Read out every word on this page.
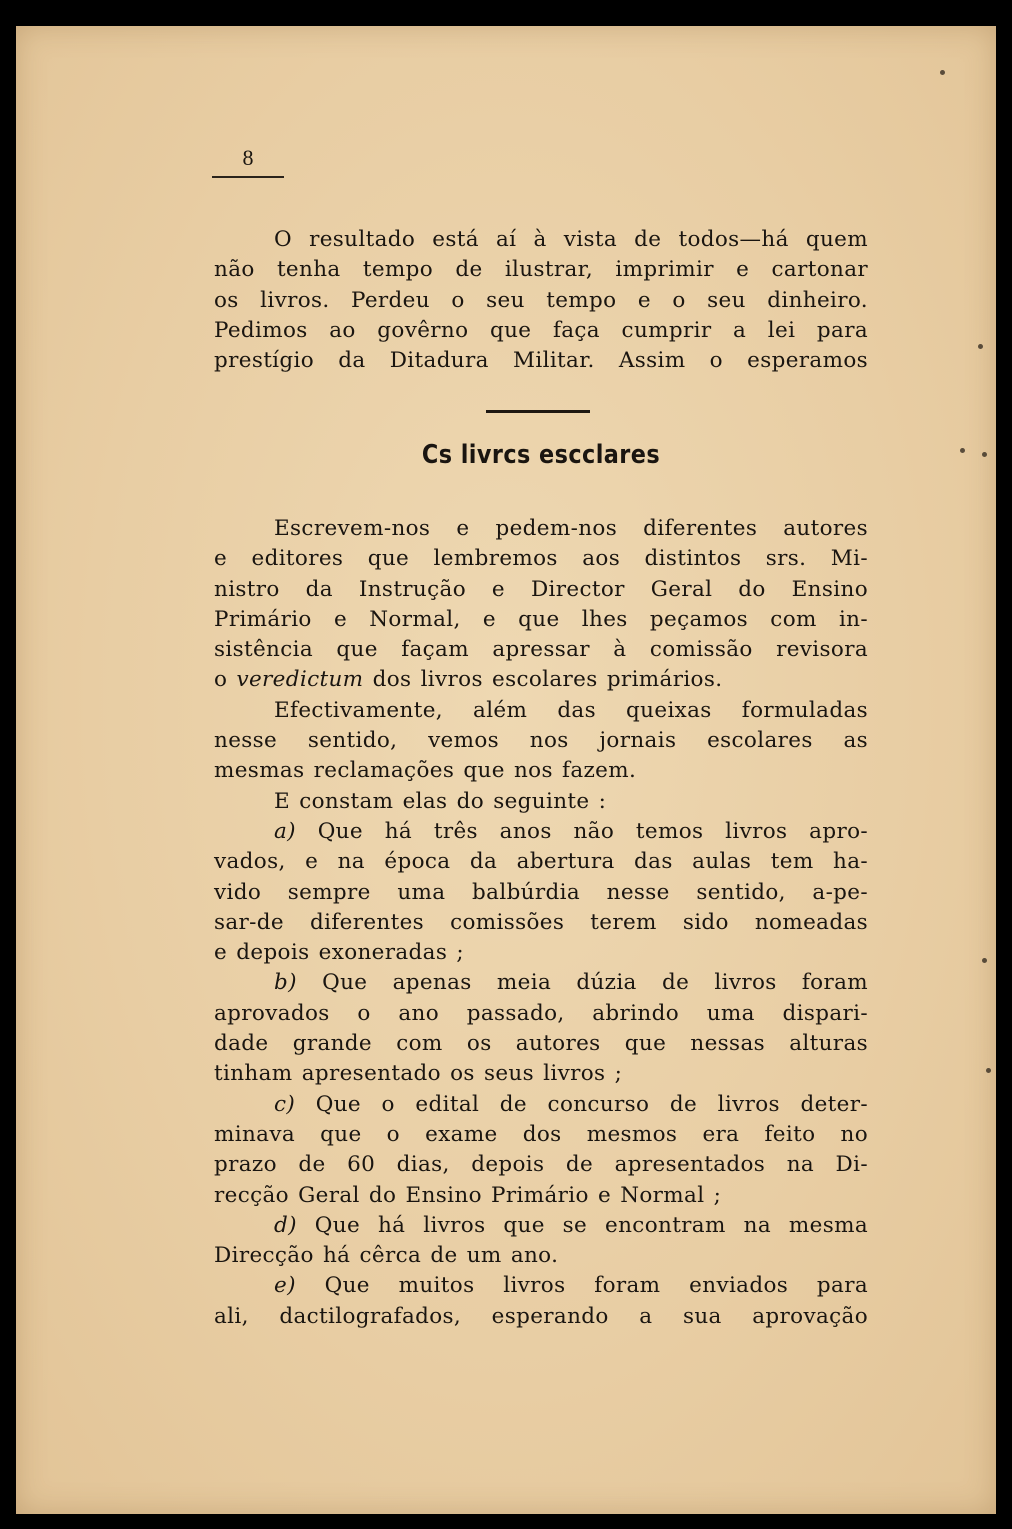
8

O resultado está aí à vista de todos—há quem

não tenha tempo de ilustrar, imprimir e cartonar
os livros. Perdeu o seu tempo e o seu dinheiro.
Pedimos ao govêrno que faça cumprir a lei para
prestígio da Ditadura Militar. Assim o esperamos
Cs livrcs escclares

Escrevem-nos e pedem-nos diferentes autores

e editores que lembremos aos distintos srs. Mi-
nistro da Instrução e Director Geral do Ensino
Primário e Normal, e que lhes peçamos com in-
sistência que façam apressar à comissão revisora
o veredictum dos livros escolares primários.

Efectivamente, além das queixas formuladas

nesse sentido, vemos nos jornais escolares as
mesmas reclamações que nos fazem.

E constam elas do seguinte :

a) Que há três anos não temos livros apro-

vados, e na época da abertura das aulas tem ha-
vido sempre uma balbúrdia nesse sentido, a-pe-
sar-de diferentes comissões terem sido nomeadas
e depois exoneradas ;

b) Que apenas meia dúzia de livros foram

aprovados o ano passado, abrindo uma dispari-
dade grande com os autores que nessas alturas
tinham apresentado os seus livros ;

c) Que o edital de concurso de livros deter-

minava que o exame dos mesmos era feito no
prazo de 60 dias, depois de apresentados na Di-
recção Geral do Ensino Primário e Normal ;

d) Que há livros que se encontram na mesma

Direcção há cêrca de um ano.

e) Que muitos livros foram enviados para

ali, dactilografados, esperando a sua aprovação
